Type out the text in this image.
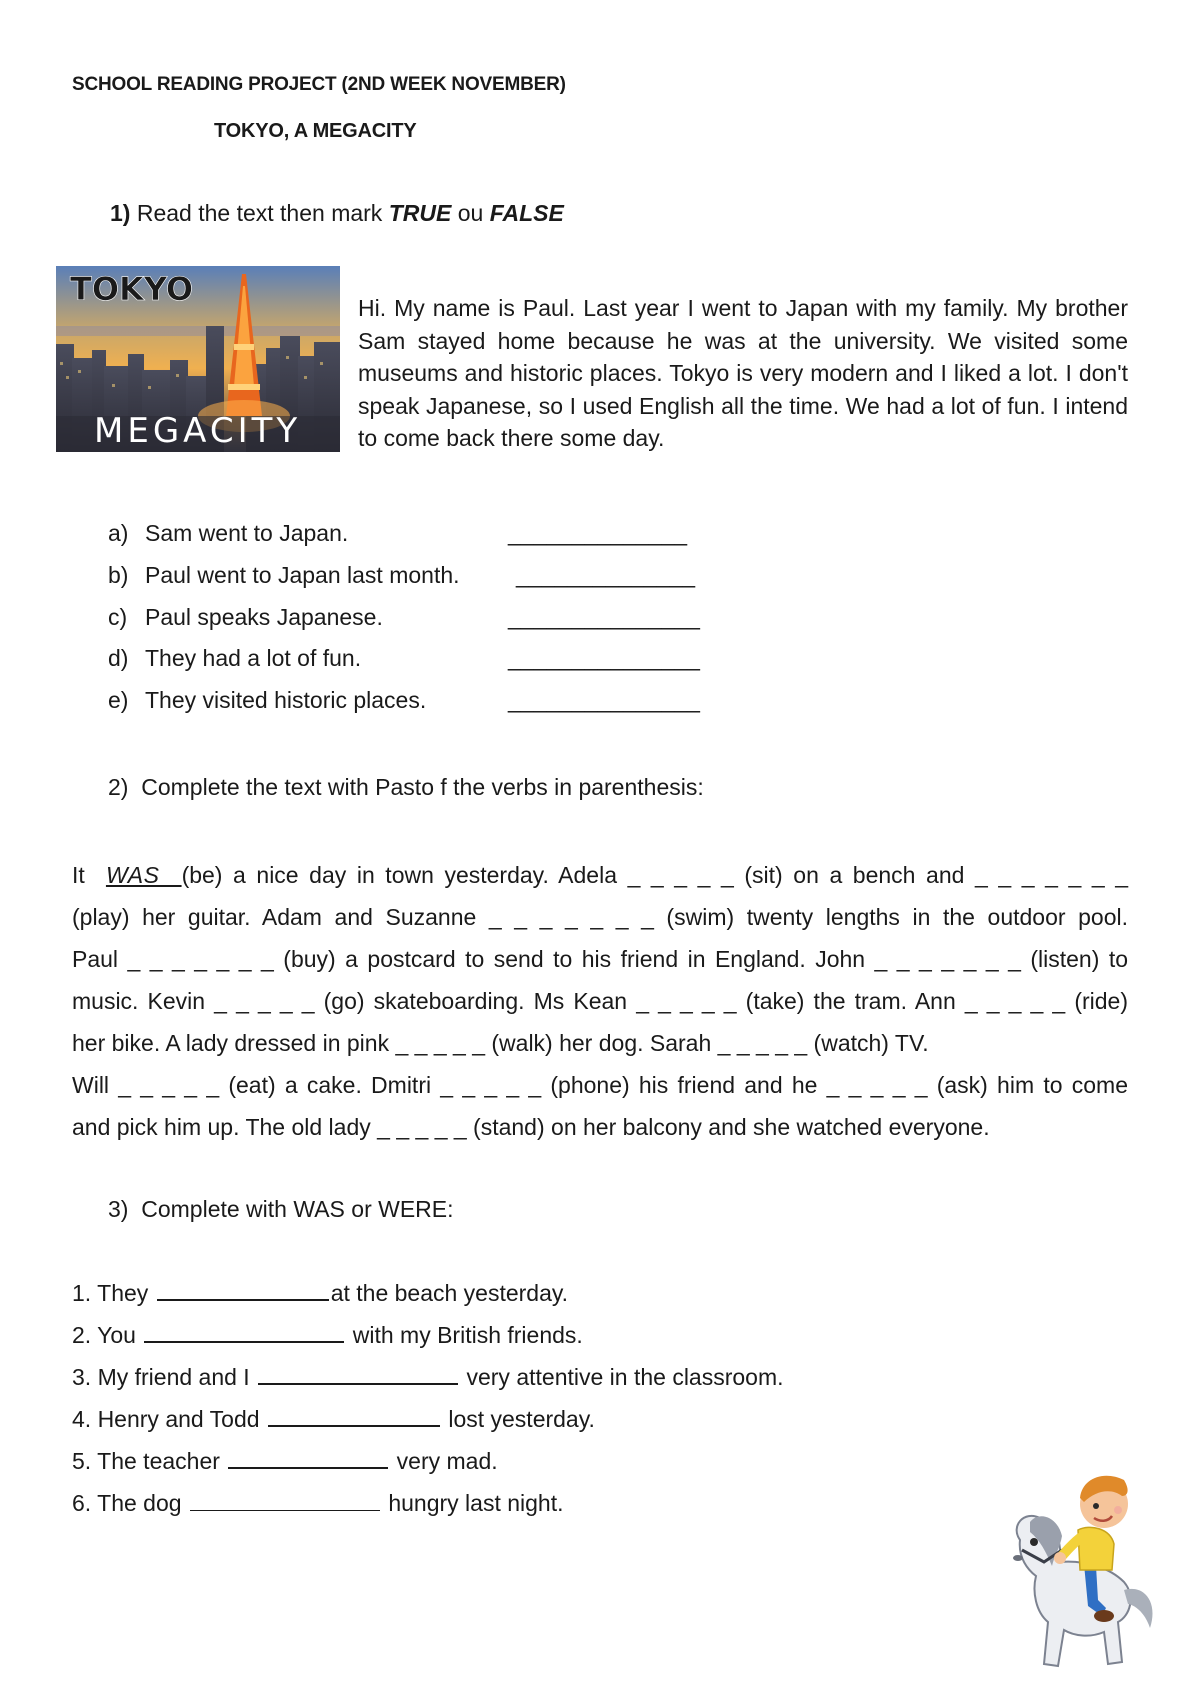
SCHOOL READING PROJECT (2ND WEEK NOVEMBER)
TOKYO, A MEGACITY
1) Read the text then mark TRUE ou FALSE
TOKYO
MEGACITY
Hi. My name is Paul. Last year I went to Japan with my family. My brother Sam stayed home because he was at the university. We visited some museums and historic places. Tokyo is very modern and I liked a lot. I don't speak Japanese, so I used English all the time. We had a lot of fun. I intend to come back there some day.
a) Sam went to Japan.	______________
b) Paul went to Japan last month. ______________
c) Paul speaks Japanese.	_______________
d) They had a lot of fun.	_______________
e) They visited historic places.	_______________
2)  Complete the text with Pasto f the verbs in parenthesis:
It  WAS  (be) a nice day in town yesterday. Adela _ _ _ _ _ (sit) on a bench and _ _ _ _ _ _ _
(play) her guitar. Adam and Suzanne _ _ _ _ _ _ _ (swim) twenty lengths in the outdoor pool.
Paul _ _ _ _ _ _ _ (buy) a postcard to send to his friend in England. John _ _ _ _ _ _ _ (listen) to
music. Kevin _ _ _ _ _ (go) skateboarding. Ms Kean _ _ _ _ _ (take) the tram. Ann _ _ _ _ _ (ride)
her bike. A lady dressed in pink _ _ _ _ _ (walk) her dog. Sarah _ _ _ _ _ (watch) TV.
Will _ _ _ _ _ (eat) a cake. Dmitri _ _ _ _ _ (phone) his friend and he _ _ _ _ _ (ask) him to come
and pick him up. The old lady _ _ _ _ _ (stand) on her balcony and she watched everyone.
3)  Complete with WAS or WERE:
1. They	at the beach yesterday.
2. You	with my British friends.
3. My friend and I	very attentive in the classroom.
4. Henry and Todd	lost yesterday.
5. The teacher	very mad.
6. The dog	hungry last night.
